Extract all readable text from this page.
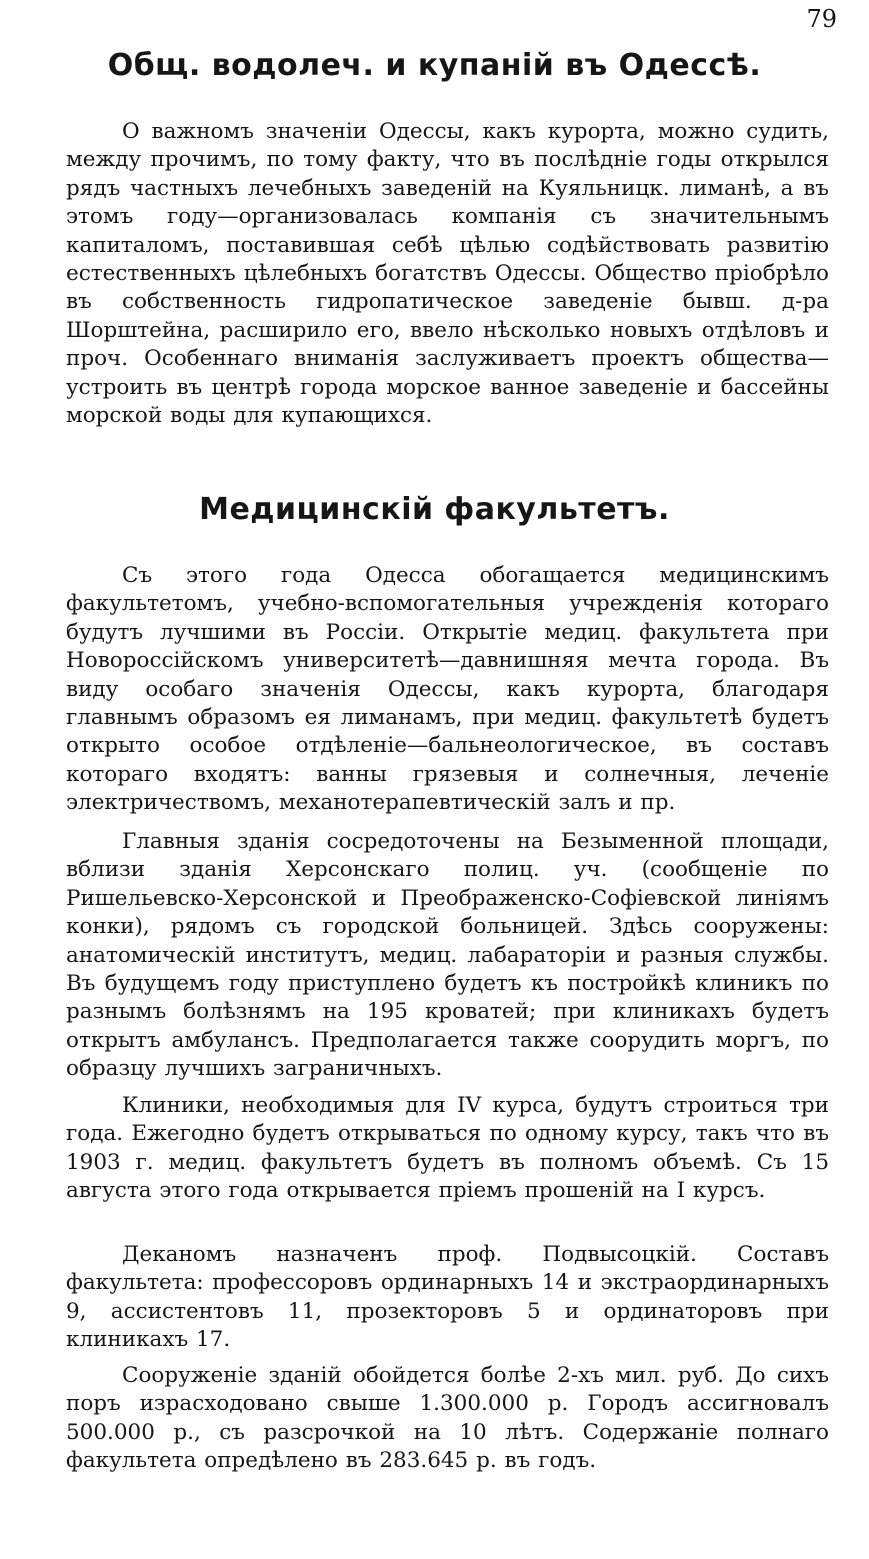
79
Общ. водолеч. и купаній въ Одессѣ.

О важномъ значеніи Одессы, какъ курорта, можно судить, между прочимъ, по тому факту, что въ послѣдніе годы открылся рядъ частныхъ лечебныхъ заведеній на Куяльницк. лиманѣ, а въ этомъ году—организовалась компанія съ значительнымъ капиталомъ, поставившая себѣ цѣлью содѣйствовать развитію естественныхъ цѣлебныхъ богатствъ Одессы. Общество пріобрѣло въ собственность гидропатическое заведеніе бывш. д-ра Шорштейна, расширило его, ввело нѣсколько новыхъ отдѣловъ и проч. Особеннаго вниманія заслуживаетъ проектъ общества—устроить въ центрѣ города морское ванное заведеніе и бассейны морской воды для купающихся.

Медицинскій факультетъ.

Съ этого года Одесса обогащается медицинскимъ факультетомъ, учебно-вспомогательныя учрежденія котораго будутъ лучшими въ Россіи. Открытіе медиц. факультета при Новороссійскомъ университетѣ—давнишняя мечта города. Въ виду особаго значенія Одессы, какъ курорта, благодаря главнымъ образомъ ея лиманамъ, при медиц. факультетѣ будетъ открыто особое отдѣленіе—бальнеологическое, въ составъ котораго входятъ: ванны грязевыя и солнечныя, леченіе электричествомъ, механотерапевтическій залъ и пр.

Главныя зданія сосредоточены на Безыменной площади, вблизи зданія Херсонскаго полиц. уч. (сообщеніе по Ришельевско-Херсонской и Преображенско-Софіевской линіямъ конки), рядомъ съ городской больницей. Здѣсь сооружены: анатомическій институтъ, медиц. лабараторіи и разныя службы. Въ будущемъ году приступлено будетъ къ постройкѣ клиникъ по разнымъ болѣзнямъ на 195 кроватей; при клиникахъ будетъ открытъ амбулансъ. Предполагается также соорудить моргъ, по образцу лучшихъ заграничныхъ.

Клиники, необходимыя для IV курса, будутъ строиться три года. Ежегодно будетъ открываться по одному курсу, такъ что въ 1903 г. медиц. факультетъ будетъ въ полномъ объемѣ. Съ 15 августа этого года открывается пріемъ прошеній на I курсъ.

Деканомъ назначенъ проф. Подвысоцкій. Составъ факультета: профессоровъ ординарныхъ 14 и экстраординарныхъ 9, ассистентовъ 11, прозекторовъ 5 и ординаторовъ при клиникахъ 17.

Сооруженіе зданій обойдется болѣе 2-хъ мил. руб. До сихъ поръ израсходовано свыше 1.300.000 р. Городъ ассигновалъ 500.000 р., съ разсрочкой на 10 лѣтъ. Содержаніе полнаго факультета опредѣлено въ 283.645 р. въ годъ.
